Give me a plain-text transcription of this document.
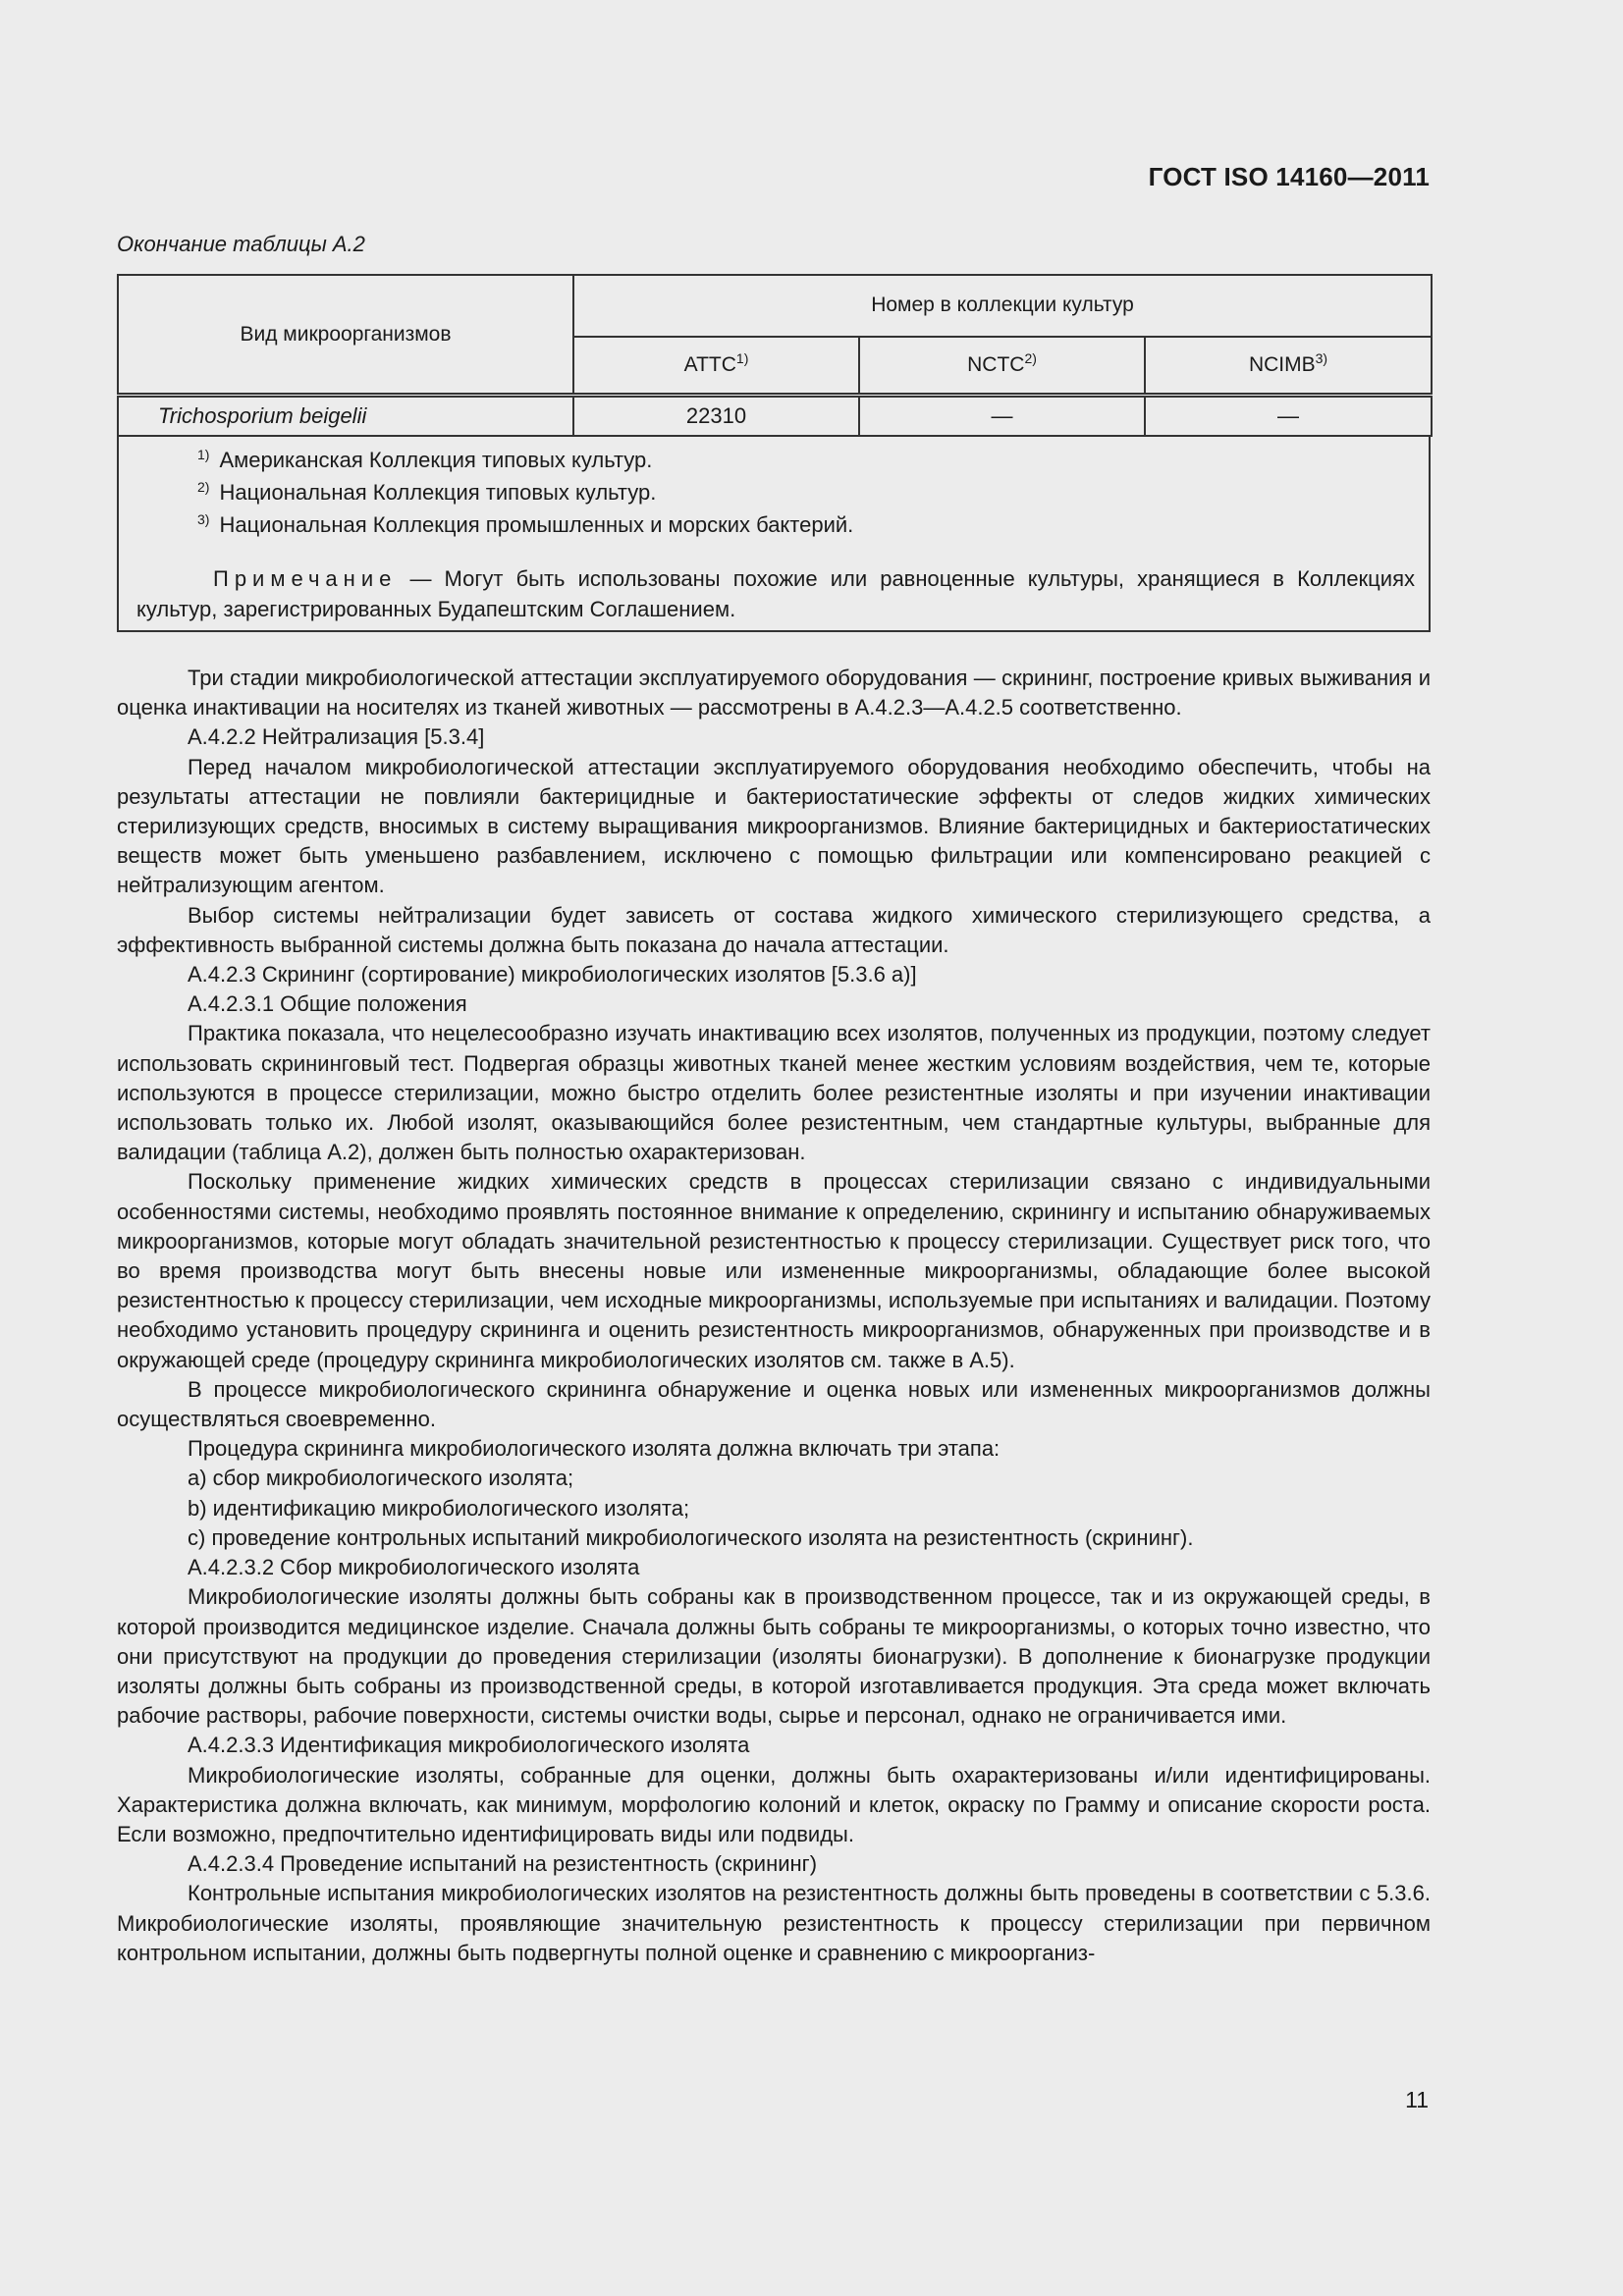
ГОСТ ISO 14160—2011
Окончание таблицы А.2
Вид микроорганизмов	Номер в коллекции культур		
	ATTC$^{1)}$	NCTC$^{2)}$	NCIMB$^{3)}$
Trichosporium beigelii	22310	—	—
$^{1)}$ Американская Коллекция типовых культур.
$^{2)}$ Национальная Коллекция типовых культур.
$^{3)}$ Национальная Коллекция промышленных и морских бактерий.
Примечание — Могут быть использованы похожие или равноценные культуры, хранящиеся в Коллекциях культур, зарегистрированных Будапештским Соглашением.

Три стадии микробиологической аттестации эксплуатируемого оборудования — скрининг, построение кривых выживания и оценка инактивации на носителях из тканей животных — рассмотрены в А.4.2.3—А.4.2.5 соответственно.

А.4.2.2 Нейтрализация [5.3.4]

Перед началом микробиологической аттестации эксплуатируемого оборудования необходимо обеспечить, чтобы на результаты аттестации не повлияли бактерицидные и бактериостатические эффекты от следов жидких химических стерилизующих средств, вносимых в систему выращивания микроорганизмов. Влияние бактерицидных и бактериостатических веществ может быть уменьшено разбавлением, исключено с помощью фильтрации или компенсировано реакцией с нейтрализующим агентом.

Выбор системы нейтрализации будет зависеть от состава жидкого химического стерилизующего средства, а эффективность выбранной системы должна быть показана до начала аттестации.

А.4.2.3 Скрининг (сортирование) микробиологических изолятов [5.3.6 а)]

А.4.2.3.1 Общие положения

Практика показала, что нецелесообразно изучать инактивацию всех изолятов, полученных из продукции, поэтому следует использовать скрининговый тест. Подвергая образцы животных тканей менее жестким условиям воздействия, чем те, которые используются в процессе стерилизации, можно быстро отделить более резистентные изоляты и при изучении инактивации использовать только их. Любой изолят, оказывающийся более резистентным, чем стандартные культуры, выбранные для валидации (таблица А.2), должен быть полностью охарактеризован.

Поскольку применение жидких химических средств в процессах стерилизации связано с индивидуальными особенностями системы, необходимо проявлять постоянное внимание к определению, скринингу и испытанию обнаруживаемых микроорганизмов, которые могут обладать значительной резистентностью к процессу стерилизации. Существует риск того, что во время производства могут быть внесены новые или измененные микроорганизмы, обладающие более высокой резистентностью к процессу стерилизации, чем исходные микроорганизмы, используемые при испытаниях и валидации. Поэтому необходимо установить процедуру скрининга и оценить резистентность микроорганизмов, обнаруженных при производстве и в окружающей среде (процедуру скрининга микробиологических изолятов см. также в А.5).

В процессе микробиологического скрининга обнаружение и оценка новых или измененных микроорганизмов должны осуществляться своевременно.

Процедура скрининга микробиологического изолята должна включать три этапа:

a) сбор микробиологического изолята;

b) идентификацию микробиологического изолята;

c) проведение контрольных испытаний микробиологического изолята на резистентность (скрининг).

А.4.2.3.2 Сбор микробиологического изолята

Микробиологические изоляты должны быть собраны как в производственном процессе, так и из окружающей среды, в которой производится медицинское изделие. Сначала должны быть собраны те микроорганизмы, о которых точно известно, что они присутствуют на продукции до проведения стерилизации (изоляты бионагрузки). В дополнение к бионагрузке продукции изоляты должны быть собраны из производственной среды, в которой изготавливается продукция. Эта среда может включать рабочие растворы, рабочие поверхности, системы очистки воды, сырье и персонал, однако не ограничивается ими.

А.4.2.3.3 Идентификация микробиологического изолята

Микробиологические изоляты, собранные для оценки, должны быть охарактеризованы и/или идентифицированы. Характеристика должна включать, как минимум, морфологию колоний и клеток, окраску по Грамму и описание скорости роста. Если возможно, предпочтительно идентифицировать виды или подвиды.

А.4.2.3.4 Проведение испытаний на резистентность (скрининг)

Контрольные испытания микробиологических изолятов на резистентность должны быть проведены в соответствии с 5.3.6. Микробиологические изоляты, проявляющие значительную резистентность к процессу стерилизации при первичном контрольном испытании, должны быть подвергнуты полной оценке и сравнению с микроорганиз-

11
